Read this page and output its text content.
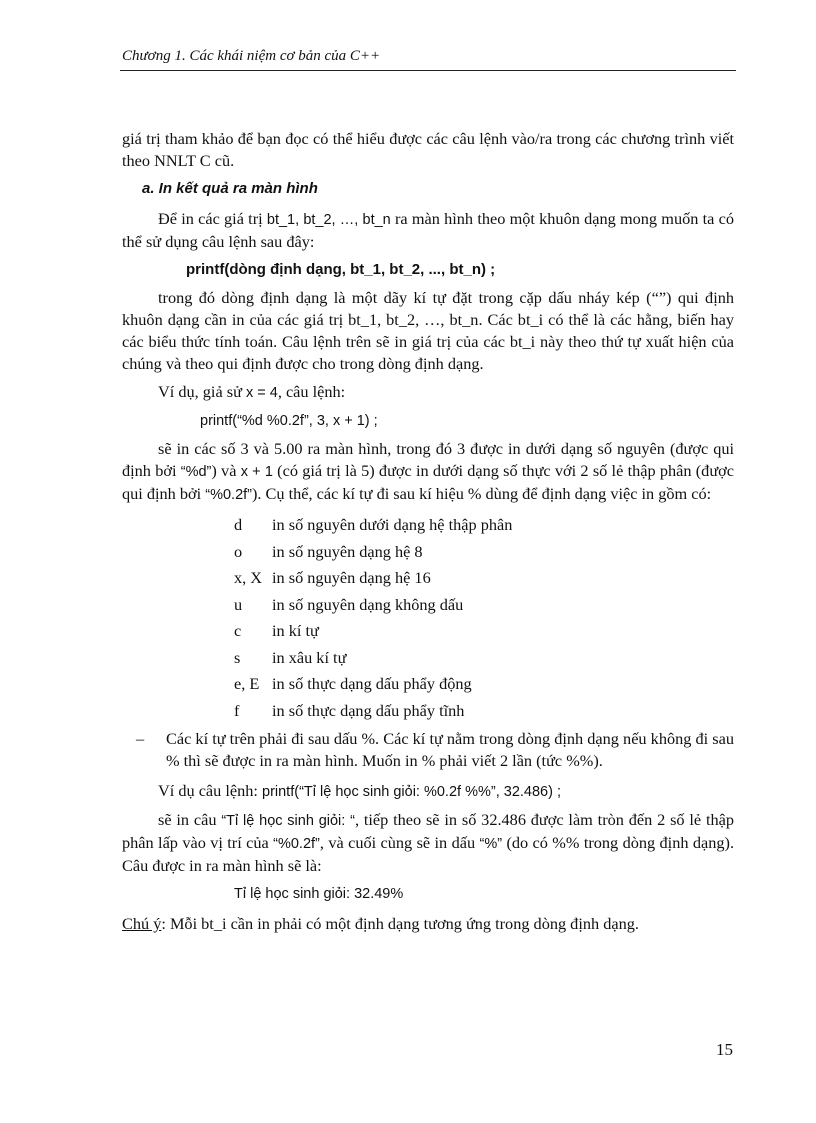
Chương 1. Các khái niệm cơ bản của C++

giá trị tham khảo để bạn đọc có thể hiểu được các câu lệnh vào/ra trong các chương trình viết theo NNLT C cũ.

a. In kết quả ra màn hình

Để in các giá trị bt_1, bt_2, …, bt_n ra màn hình theo một khuôn dạng mong muốn ta có thể sử dụng câu lệnh sau đây:

printf(dòng định dạng, bt_1, bt_2, ..., bt_n) ;

trong đó dòng định dạng là một dãy kí tự đặt trong cặp dấu nháy kép (“”) qui định khuôn dạng cần in của các giá trị bt_1, bt_2, …, bt_n. Các bt_i có thể là các hằng, biến hay các biểu thức tính toán. Câu lệnh trên sẽ in giá trị của các bt_i này theo thứ tự xuất hiện của chúng và theo qui định được cho trong dòng định dạng.

Ví dụ, giả sử x = 4, câu lệnh:

printf(“%d %0.2f”, 3, x + 1) ;

sẽ in các số 3 và 5.00 ra màn hình, trong đó 3 được in dưới dạng số nguyên (được qui định bởi “%d”) và x + 1 (có giá trị là 5) được in dưới dạng số thực với 2 số lẻ thập phân (được qui định bởi “%0.2f”). Cụ thể, các kí tự đi sau kí hiệu % dùng để định dạng việc in gồm có:

d	in số nguyên dưới dạng hệ thập phân
o	in số nguyên dạng hệ 8
x, X in số nguyên dạng hệ 16
u	in số nguyên dạng không dấu
c	in kí tự
s	in xâu kí tự
e, E in số thực dạng dấu phẩy động
f	in số thực dạng dấu phẩy tĩnh

– Các kí tự trên phải đi sau dấu %. Các kí tự nằm trong dòng định dạng nếu không đi sau % thì sẽ được in ra màn hình. Muốn in % phải viết 2 lần (tức %%).

Ví dụ câu lệnh: printf(“Tỉ lệ học sinh giỏi: %0.2f %%”, 32.486) ;

sẽ in câu “Tỉ lệ học sinh giỏi: “, tiếp theo sẽ in số 32.486 được làm tròn đến 2 số lẻ thập phân lấp vào vị trí của “%0.2f”, và cuối cùng sẽ in dấu “%” (do có %% trong dòng định dạng). Câu được in ra màn hình sẽ là:

Tỉ lệ học sinh giỏi: 32.49%

Chú ý: Mỗi bt_i cần in phải có một định dạng tương ứng trong dòng định dạng.

15
